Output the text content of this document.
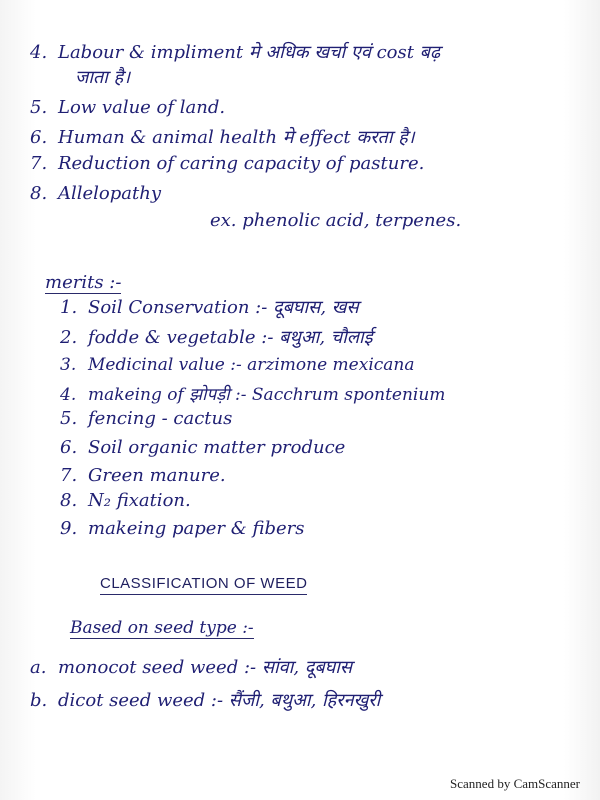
4. Labour & impliment मे अधिक खर्चा एवं cost बढ़
जाता है।
5. Low value of land.
6. Human & animal health मे effect करता है।
7. Reduction of caring capacity of pasture.
8. Allelopathy
ex. phenolic acid, terpenes.
merits :-
1. Soil Conservation :- दूबघास, खस
2. fodde & vegetable :- बथुआ, चौलाई
3. Medicinal value :- arzimone mexicana
4. makeing of झोपड़ी :- Sacchrum spontenium
5. fencing - cactus
6. Soil organic matter produce
7. Green manure.
8. N₂ fixation.
9. makeing paper & fibers
CLASSIFICATION OF WEED
Based on seed type :-
a. monocot seed weed :- सांवा, दूबघास
b. dicot seed weed :- सैंजी, बथुआ, हिरनखुरी
Scanned by CamScanner
